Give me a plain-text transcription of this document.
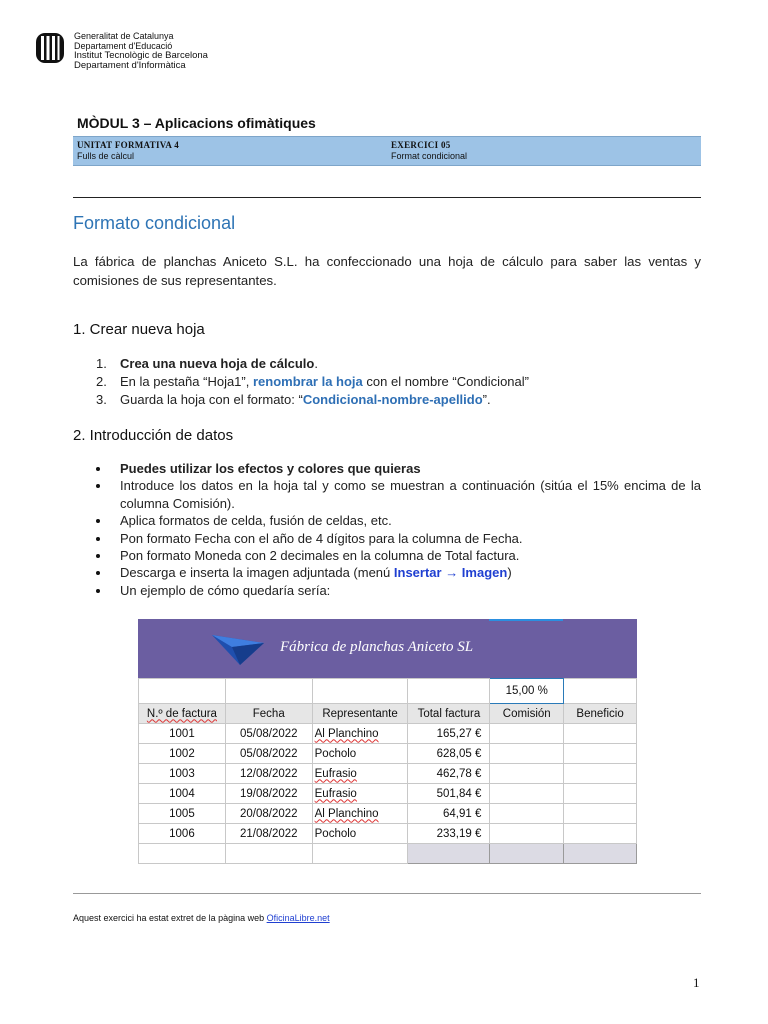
Generalitat de Catalunya
Departament d'Educació
Institut Tecnològic de Barcelona
Departament d'Informàtica
MÒDUL 3 – Aplicacions ofimàtiques
UNITAT FORMATIVA 4
Fulls de càlcul
EXERCICI 05
Format condicional
Formato condicional
La fábrica de planchas Aniceto S.L. ha confeccionado una hoja de cálculo para saber las ventas y comisiones de sus representantes.
1. Crear nueva hoja
1. Crea una nueva hoja de cálculo.
2. En la pestaña “Hoja1”, renombrar la hoja con el nombre “Condicional”
3. Guarda la hoja con el formato: “Condicional-nombre-apellido”.
2. Introducción de datos
Puedes utilizar los efectos y colores que quieras
Introduce los datos en la hoja tal y como se muestran a continuación (sitúa el 15% encima de la columna Comisión).
Aplica formatos de celda, fusión de celdas, etc.
Pon formato Fecha con el año de 4 dígitos para la columna de Fecha.
Pon formato Moneda con 2 decimales en la columna de Total factura.
Descarga e inserta la imagen adjuntada (menú Insertar → Imagen)
Un ejemplo de cómo quedaría sería:
Fábrica de planchas Aniceto SL
				15,00 %	
N.º de factura	Fecha	Representante	Total factura	Comisión	Beneficio
1001	05/08/2022	Al Planchino	165,27 €		
1002	05/08/2022	Pocholo	628,05 €		
1003	12/08/2022	Eufrasio	462,78 €		
1004	19/08/2022	Eufrasio	501,84 €		
1005	20/08/2022	Al Planchino	64,91 €		
1006	21/08/2022	Pocholo	233,19 €		

Aquest exercici ha estat extret de la pàgina web OficinaLibre.net
1
